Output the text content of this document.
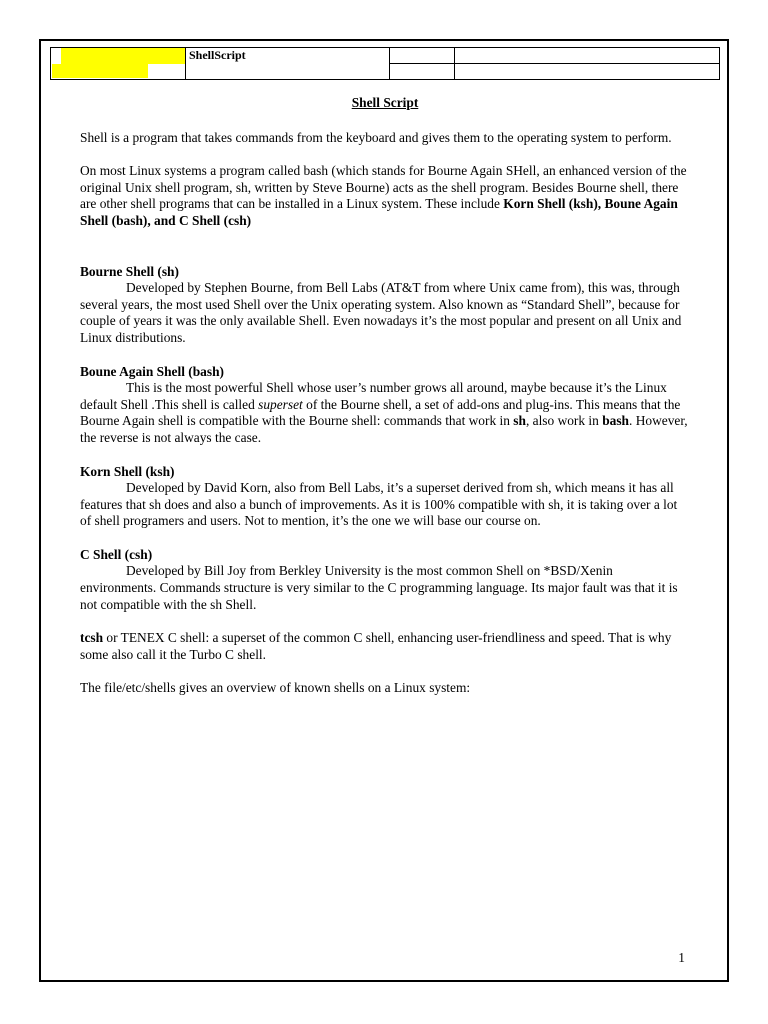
	ShellScript		

Shell Script

Shell is a program that takes commands from the keyboard and gives them to the operating system to perform.

On most Linux systems a program called bash (which stands for Bourne Again SHell, an enhanced version of the original Unix shell program, sh, written by Steve Bourne) acts as the shell program. Besides Bourne shell, there are other shell programs that can be installed in a Linux system. These include Korn Shell (ksh), Boune Again Shell (bash), and C Shell (csh)

Bourne Shell (sh)

Developed by Stephen Bourne, from Bell Labs (AT&T from where Unix came from), this was, through several years, the most used Shell over the Unix operating system. Also known as “Standard Shell”, because for couple of years it was the only available Shell. Even nowadays it’s the most popular and present on all Unix and Linux distributions.

Boune Again Shell (bash)

This is the most powerful Shell whose user’s number grows all around, maybe because it’s the Linux default Shell .This shell is called superset of the Bourne shell, a set of add-ons and plug-ins. This means that the Bourne Again shell is compatible with the Bourne shell: commands that work in sh, also work in bash. However, the reverse is not always the case.

Korn Shell (ksh)

Developed by David Korn, also from Bell Labs, it’s a superset derived from sh, which means it has all features that sh does and also a bunch of improvements. As it is 100% compatible with sh, it is taking over a lot of shell programers and users. Not to mention, it’s the one we will base our course on.

C Shell (csh)

Developed by Bill Joy from Berkley University is the most common Shell on *BSD/Xenin environments. Commands structure is very similar to the C programming language. Its major fault was that it is not compatible with the sh Shell.

tcsh or TENEX C shell: a superset of the common C shell, enhancing user-friendliness and speed. That is why some also call it the Turbo C shell.

The file/etc/shells gives an overview of known shells on a Linux system:

1
